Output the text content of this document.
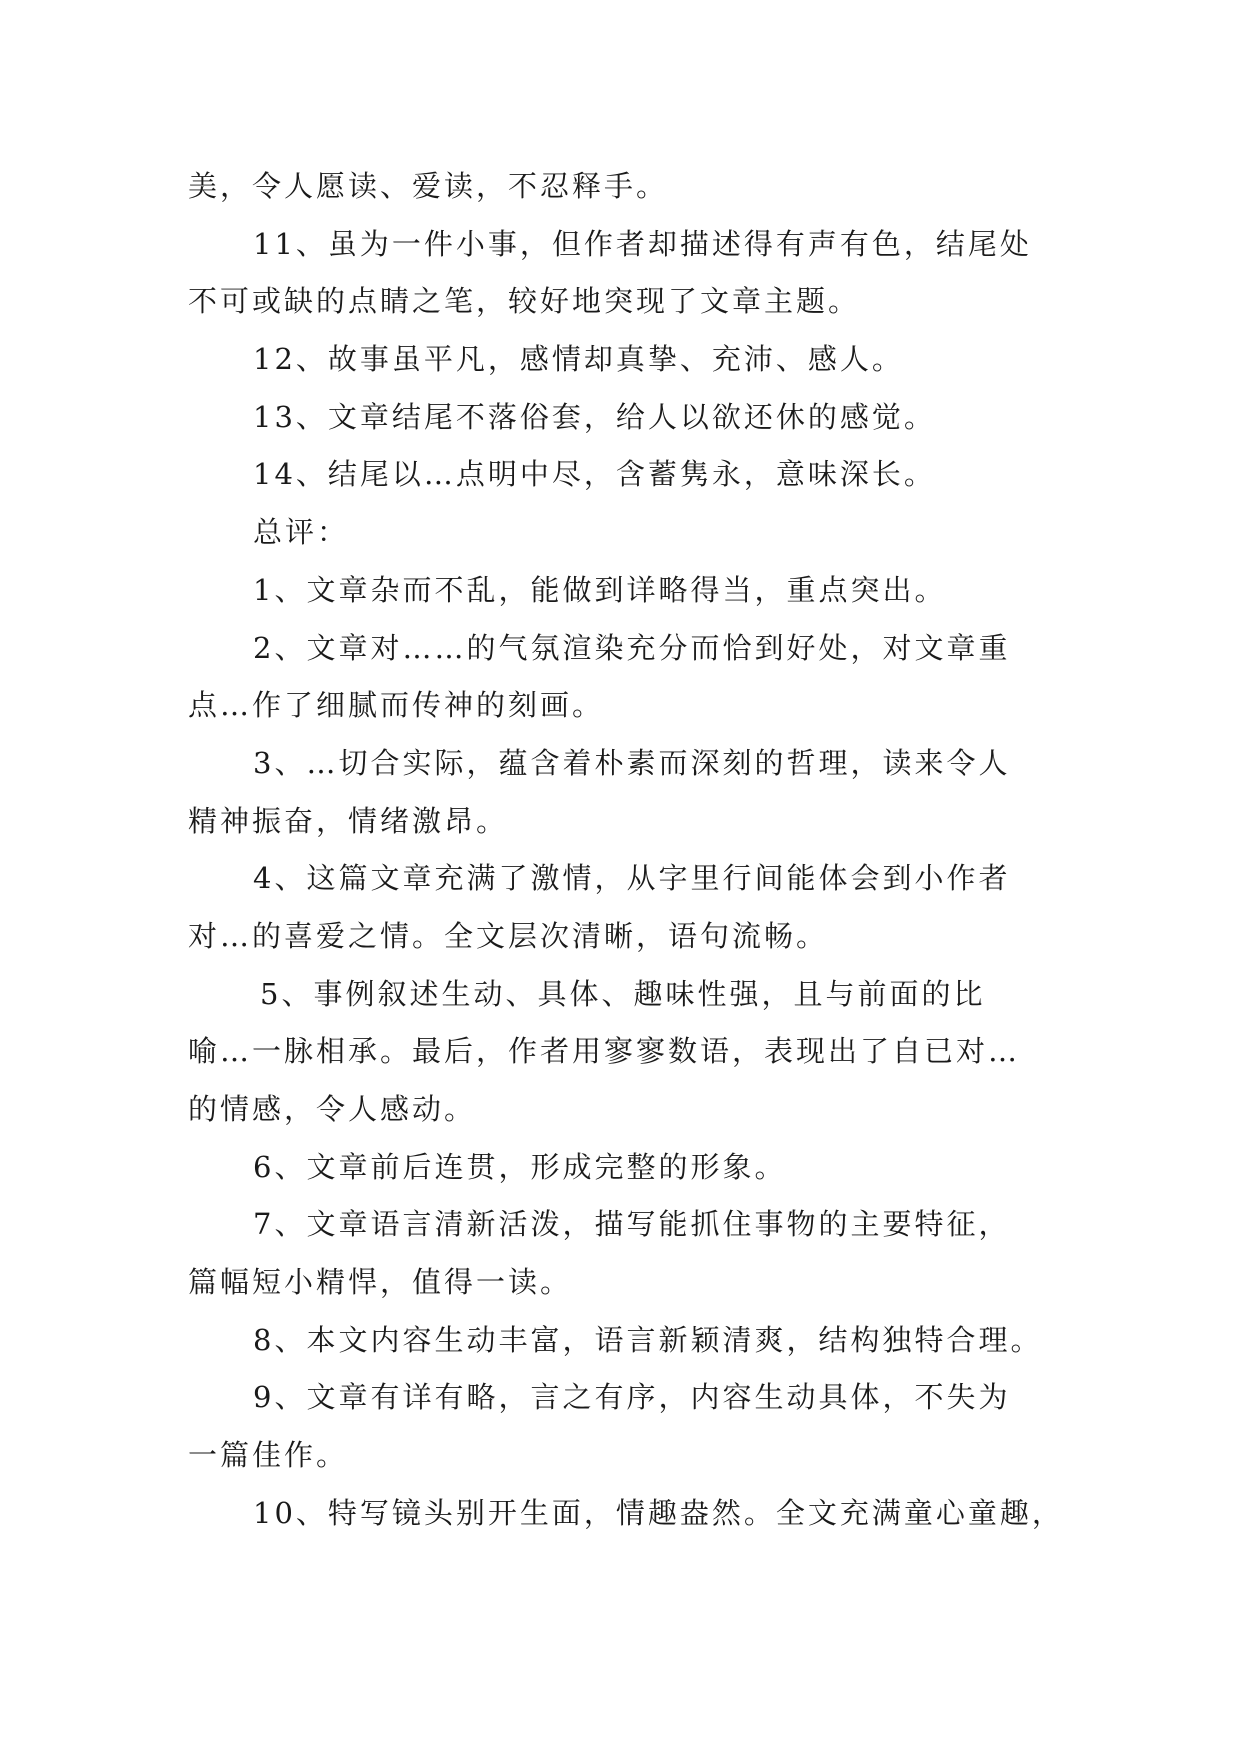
美，令人愿读、爱读，不忍释手。
11、虽为一件小事，但作者却描述得有声有色，结尾处
不可或缺的点睛之笔，较好地突现了文章主题。
12、故事虽平凡，感情却真挚、充沛、感人。
13、文章结尾不落俗套，给人以欲还休的感觉。
14、结尾以…点明中尽，含蓄隽永，意味深长。
总评：
1、文章杂而不乱，能做到详略得当，重点突出。
2、文章对……的气氛渲染充分而恰到好处，对文章重
点…作了细腻而传神的刻画。
3、…切合实际，蕴含着朴素而深刻的哲理，读来令人
精神振奋，情绪激昂。
4、这篇文章充满了激情，从字里行间能体会到小作者
对…的喜爱之情。全文层次清晰，语句流畅。
5、事例叙述生动、具体、趣味性强，且与前面的比
喻…一脉相承。最后，作者用寥寥数语，表现出了自已对…
的情感，令人感动。
6、文章前后连贯，形成完整的形象。
7、文章语言清新活泼，描写能抓住事物的主要特征，
篇幅短小精悍，值得一读。
8、本文内容生动丰富，语言新颖清爽，结构独特合理。
9、文章有详有略，言之有序，内容生动具体，不失为
一篇佳作。
10、特写镜头别开生面，情趣盎然。全文充满童心童趣，
